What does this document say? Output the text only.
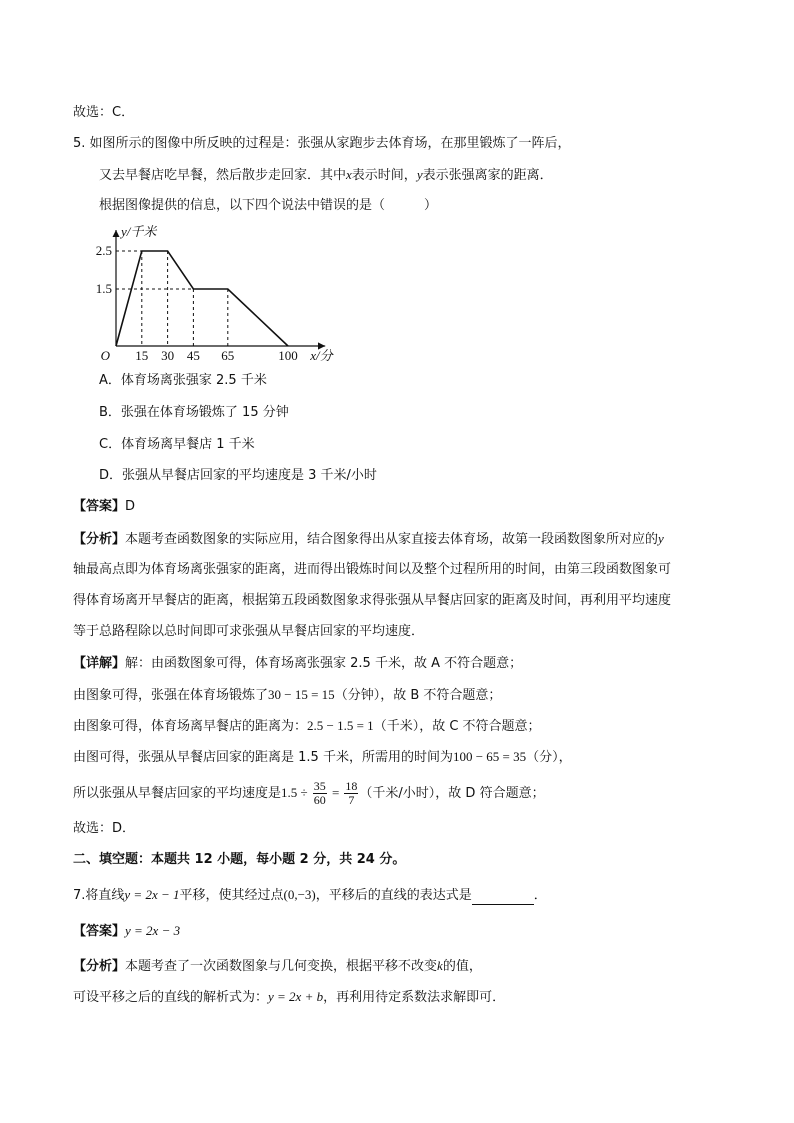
故选：C．
5. 如图所示的图像中所反映的过程是：张强从家跑步去体育场，在那里锻炼了一阵后，
又去早餐店吃早餐，然后散步走回家．其中x表示时间，y表示张强离家的距离．
根据图像提供的信息，以下四个说法中错误的是（　　　）
15 30 45 65	100
1.5
2.5
O	x/分
y/千米
A．体育场离张强家 2.5 千米
B．张强在体育场锻炼了 15 分钟
C．体育场离早餐店 1 千米
D．张强从早餐店回家的平均速度是 3 千米/小时
【答案】D
【分析】本题考查函数图象的实际应用，结合图象得出从家直接去体育场，故第一段函数图象所对应的y
轴最高点即为体育场离张强家的距离，进而得出锻炼时间以及整个过程所用的时间，由第三段函数图象可
得体育场离开早餐店的距离，根据第五段函数图象求得张强从早餐店回家的距离及时间，再利用平均速度
等于总路程除以总时间即可求张强从早餐店回家的平均速度．
【详解】解：由函数图象可得，体育场离张强家 2.5 千米，故 A 不符合题意；
由图象可得，张强在体育场锻炼了30 − 15 = 15（分钟），故 B 不符合题意；
由图象可得，体育场离早餐店的距离为：2.5 − 1.5 = 1（千米），故 C 不符合题意；
由图可得，张强从早餐店回家的距离是 1.5 千米，所需用的时间为100 − 65 = 35（分），
所以张强从早餐店回家的平均速度是$1.5 \div \frac{35}{60} = \frac{18}{7}$ （千米/小时），故 D 符合题意；
故选：D．
二、填空题：本题共 12 小题，每小题 2 分，共 24 分。
7.将直线y = 2x − 1平移，使其经过点(0,−3)，平移后的直线的表达式是	．
【答案】y = 2x − 3
【分析】本题考查了一次函数图象与几何变换，根据平移不改变k的值，
可设平移之后的直线的解析式为：y = 2x + b，再利用待定系数法求解即可．
